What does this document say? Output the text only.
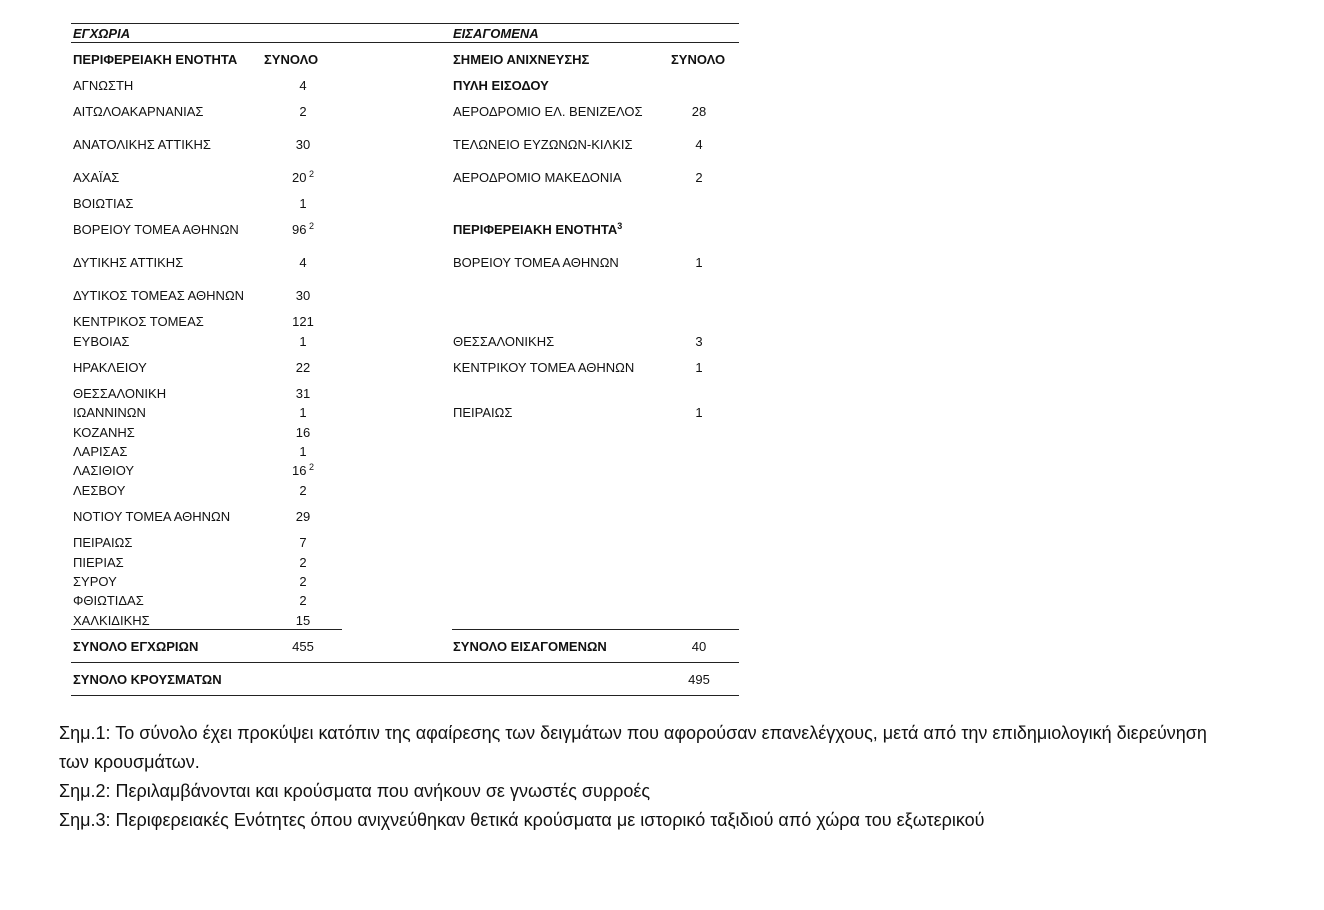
ΕΓΧΩΡΙΑ
ΠΕΡΙΦΕΡΕΙΑΚΗ ΕΝΟΤΗΤΑ ΣΥΝΟΛΟ
ΑΓΝΩΣΤΗ	4
ΑΙΤΩΛΟΑΚΑΡΝΑΝΙΑΣ	2
ΑΝΑΤΟΛΙΚΗΣ ΑΤΤΙΚΗΣ	30
ΑΧΑΪΑΣ	20 $^2$
ΒΟΙΩΤΙΑΣ	1
ΒΟΡΕΙΟΥ ΤΟΜΕΑ ΑΘΗΝΩΝ	96 $^2$
ΔΥΤΙΚΗΣ ΑΤΤΙΚΗΣ	4
ΔΥΤΙΚΟΣ ΤΟΜΕΑΣ ΑΘΗΝΩΝ	30
ΚΕΝΤΡΙΚΟΣ ΤΟΜΕΑΣ	121
ΕΥΒΟΙΑΣ	1
ΗΡΑΚΛΕΙΟΥ	22
ΘΕΣΣΑΛΟΝΙΚΗ	31
ΙΩΑΝΝΙΝΩΝ	1
ΚΟΖΑΝΗΣ	16
ΛΑΡΙΣΑΣ	1
ΛΑΣΙΘΙΟΥ	16 $^2$
ΛΕΣΒΟΥ	2
ΝΟΤΙΟΥ ΤΟΜΕΑ ΑΘΗΝΩΝ	29
ΠΕΙΡΑΙΩΣ	7
ΠΙΕΡΙΑΣ	2
ΣΥΡΟΥ	2
ΦΘΙΩΤΙΔΑΣ	2
ΧΑΛΚΙΔΙΚΗΣ	15
ΣΥΝΟΛΟ ΕΓΧΩΡΙΩΝ	455
ΕΙΣΑΓΟΜΕΝΑ
ΣΗΜΕΙΟ ΑΝΙΧΝΕΥΣΗΣ	ΣΥΝΟΛΟ
ΠΥΛΗ ΕΙΣΟΔΟΥ
ΑΕΡΟΔΡΟΜΙΟ ΕΛ. ΒΕΝΙΖΕΛΟΣ	28
ΤΕΛΩΝΕΙΟ ΕΥΖΩΝΩΝ-ΚΙΛΚΙΣ	4
ΑΕΡΟΔΡΟΜΙΟ ΜΑΚΕΔΟΝΙΑ	2
ΠΕΡΙΦΕΡΕΙΑΚΗ ΕΝΟΤΗΤΑ$^3$
ΒΟΡΕΙΟΥ ΤΟΜΕΑ ΑΘΗΝΩΝ	1
ΘΕΣΣΑΛΟΝΙΚΗΣ	3
ΚΕΝΤΡΙΚΟΥ ΤΟΜΕΑ ΑΘΗΝΩΝ	1
ΠΕΙΡΑΙΩΣ	1
ΣΥΝΟΛΟ ΕΙΣΑΓΟΜΕΝΩΝ	40
ΣΥΝΟΛΟ ΚΡΟΥΣΜΑΤΩΝ	495
Σημ.1: Το σύνολο έχει προκύψει κατόπιν της αφαίρεσης των δειγμάτων που αφορούσαν επανελέγχους, μετά από την επιδημιολογική διερεύνηση
των κρουσμάτων.
Σημ.2: Περιλαμβάνονται και κρούσματα που ανήκουν σε γνωστές συρροές
Σημ.3: Περιφερειακές Ενότητες όπου ανιχνεύθηκαν θετικά κρούσματα με ιστορικό ταξιδιού από χώρα του εξωτερικού
